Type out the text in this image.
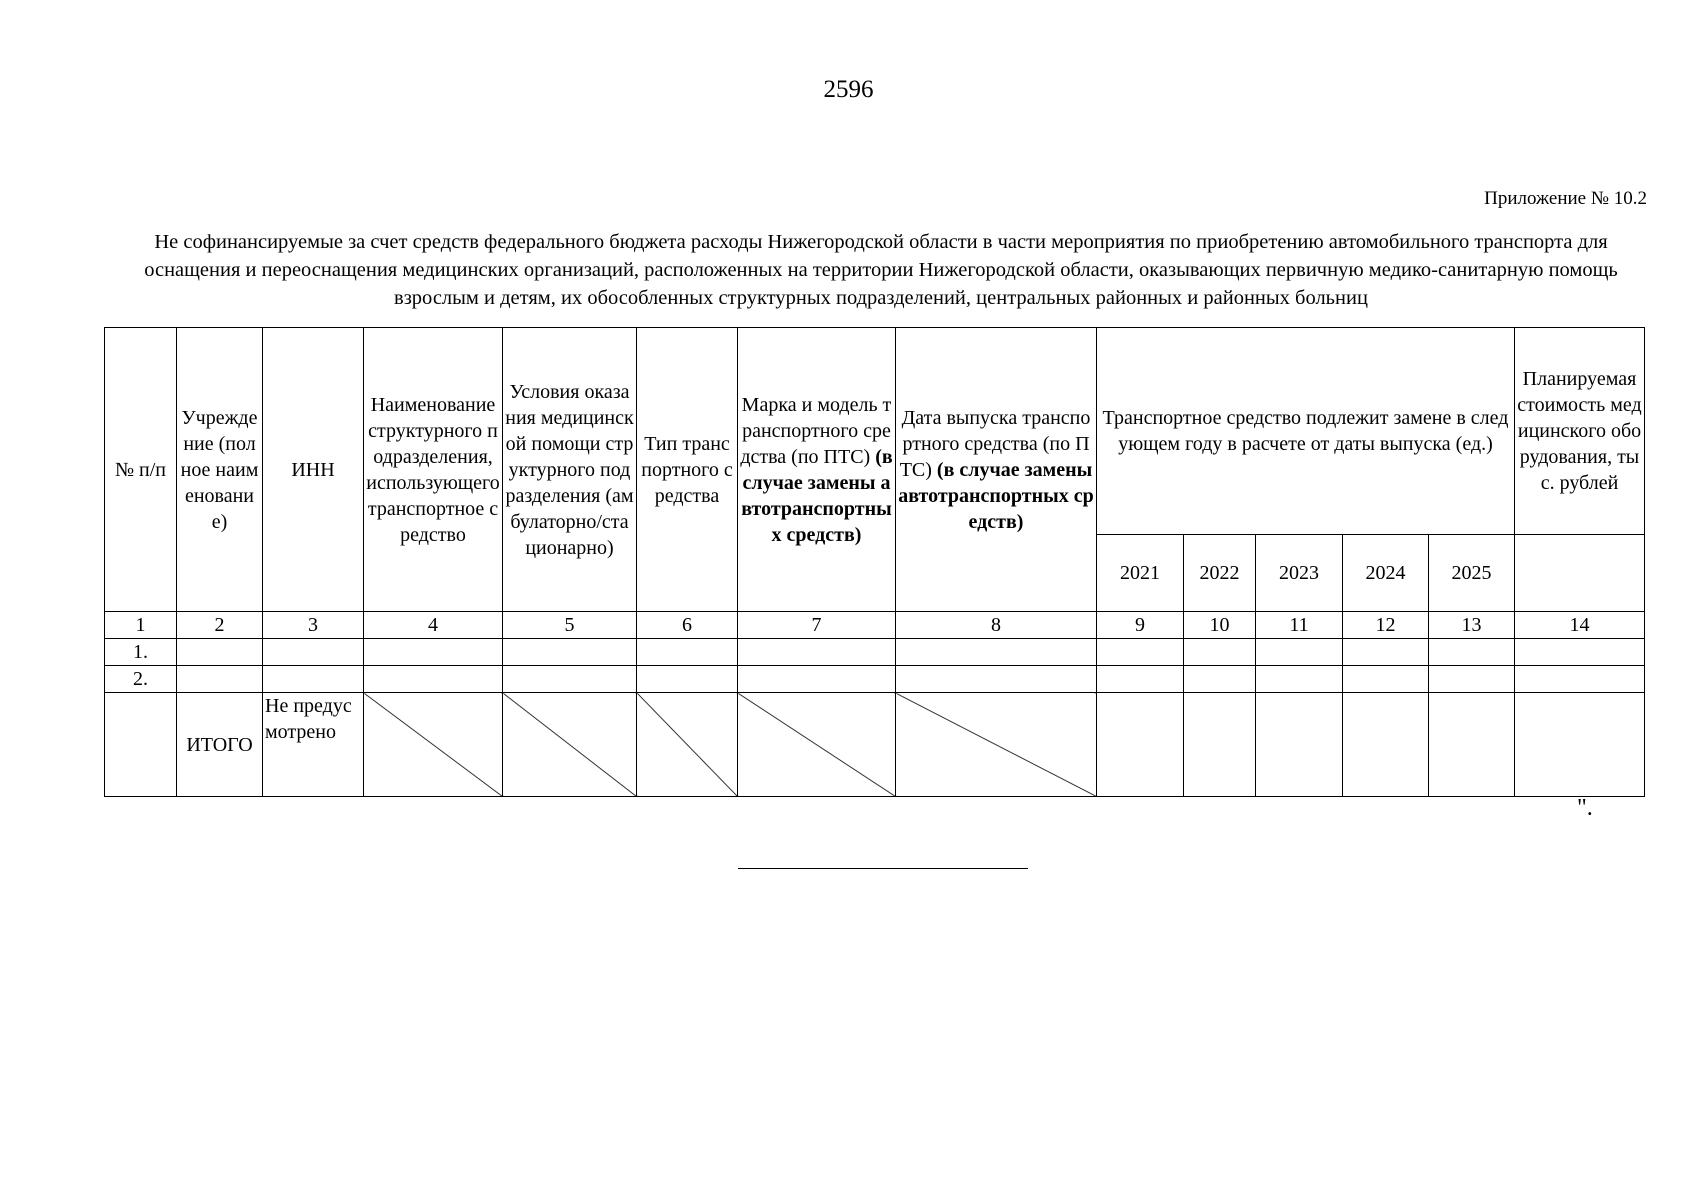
2596
Приложение № 10.2
Не софинансируемые за счет средств федерального бюджета расходы Нижегородской области в части мероприятия по приобретению автомобильного транспорта для оснащения и переоснащения медицинских организаций, расположенных на территории Нижегородской области, оказывающих первичную медико-санитарную помощь взрослым и детям, их обособленных структурных подразделений, центральных районных и районных больниц
№ п/п	Учреждение (полное наименование)	ИНН	Наименование структурного подразделения, использующего транспортное средство	Условия оказания медицинской помощи структурного подразделения (амбулаторно/стационарно)	Тип транспортного средства	Марка и модель транспортного средства (по ПТС) (в случае замены автотранспортных средств)	Дата выпуска транспортного средства (по ПТС) (в случае замены автотранспортных средств)	Транспортное средство подлежит замене в следующем году в расчете от даты выпуска (ед.)					Планируемая стоимость медицинского оборудования, тыс. рублей
								2021	2022	2023	2024	2025	
1	2	3	4	5	6	7	8	9	10	11	12	13	14
1.													
2.													
	ИТОГО	Не предусмотрено											
".
